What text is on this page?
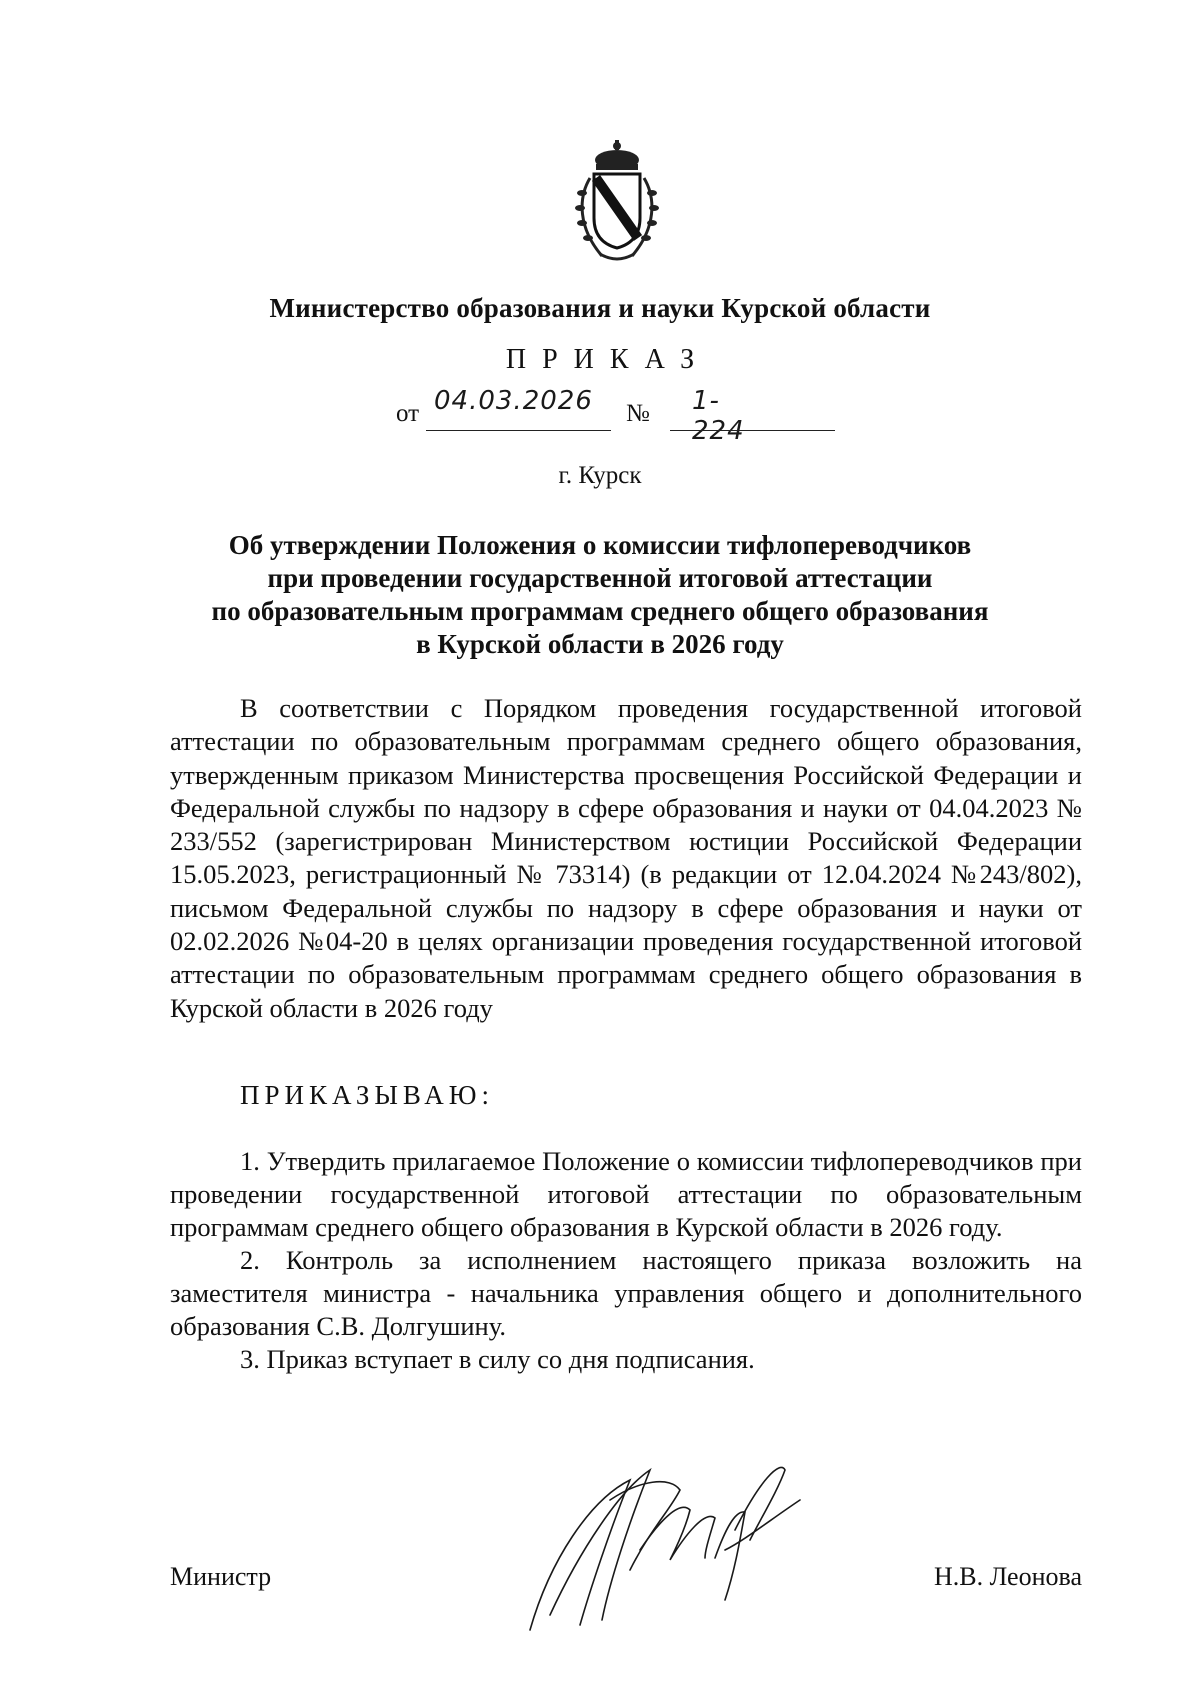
Министерство образования и науки Курской области
ПРИКАЗ
от 04.03.2026 № 1-224
г. Курск
Об утверждении Положения о комиссии тифлопереводчиков
при проведении государственной итоговой аттестации
по образовательным программам среднего общего образования
в Курской области в 2026 году

В соответствии с Порядком проведения государственной итоговой аттестации по образовательным программам среднего общего образования, утвержденным приказом Министерства просвещения Российской Федерации и Федеральной службы по надзору в сфере образования и науки от 04.04.2023 № 233/552 (зарегистрирован Министерством юстиции Российской Федерации 15.05.2023, регистрационный № 73314) (в редакции от 12.04.2024 №243/802), письмом Федеральной службы по надзору в сфере образования и науки от 02.02.2026 №04-20 в целях организации проведения государственной итоговой аттестации по образовательным программам среднего общего образования в Курской области в 2026 году

ПРИКАЗЫВАЮ:

1. Утвердить прилагаемое Положение о комиссии тифлопереводчиков при проведении государственной итоговой аттестации по образовательным программам среднего общего образования в Курской области в 2026 году.

2. Контроль за исполнением настоящего приказа возложить на заместителя министра - начальника управления общего и дополнительного образования С.В. Долгушину.

3. Приказ вступает в силу со дня подписания.

Министр	Н.В. Леонова
